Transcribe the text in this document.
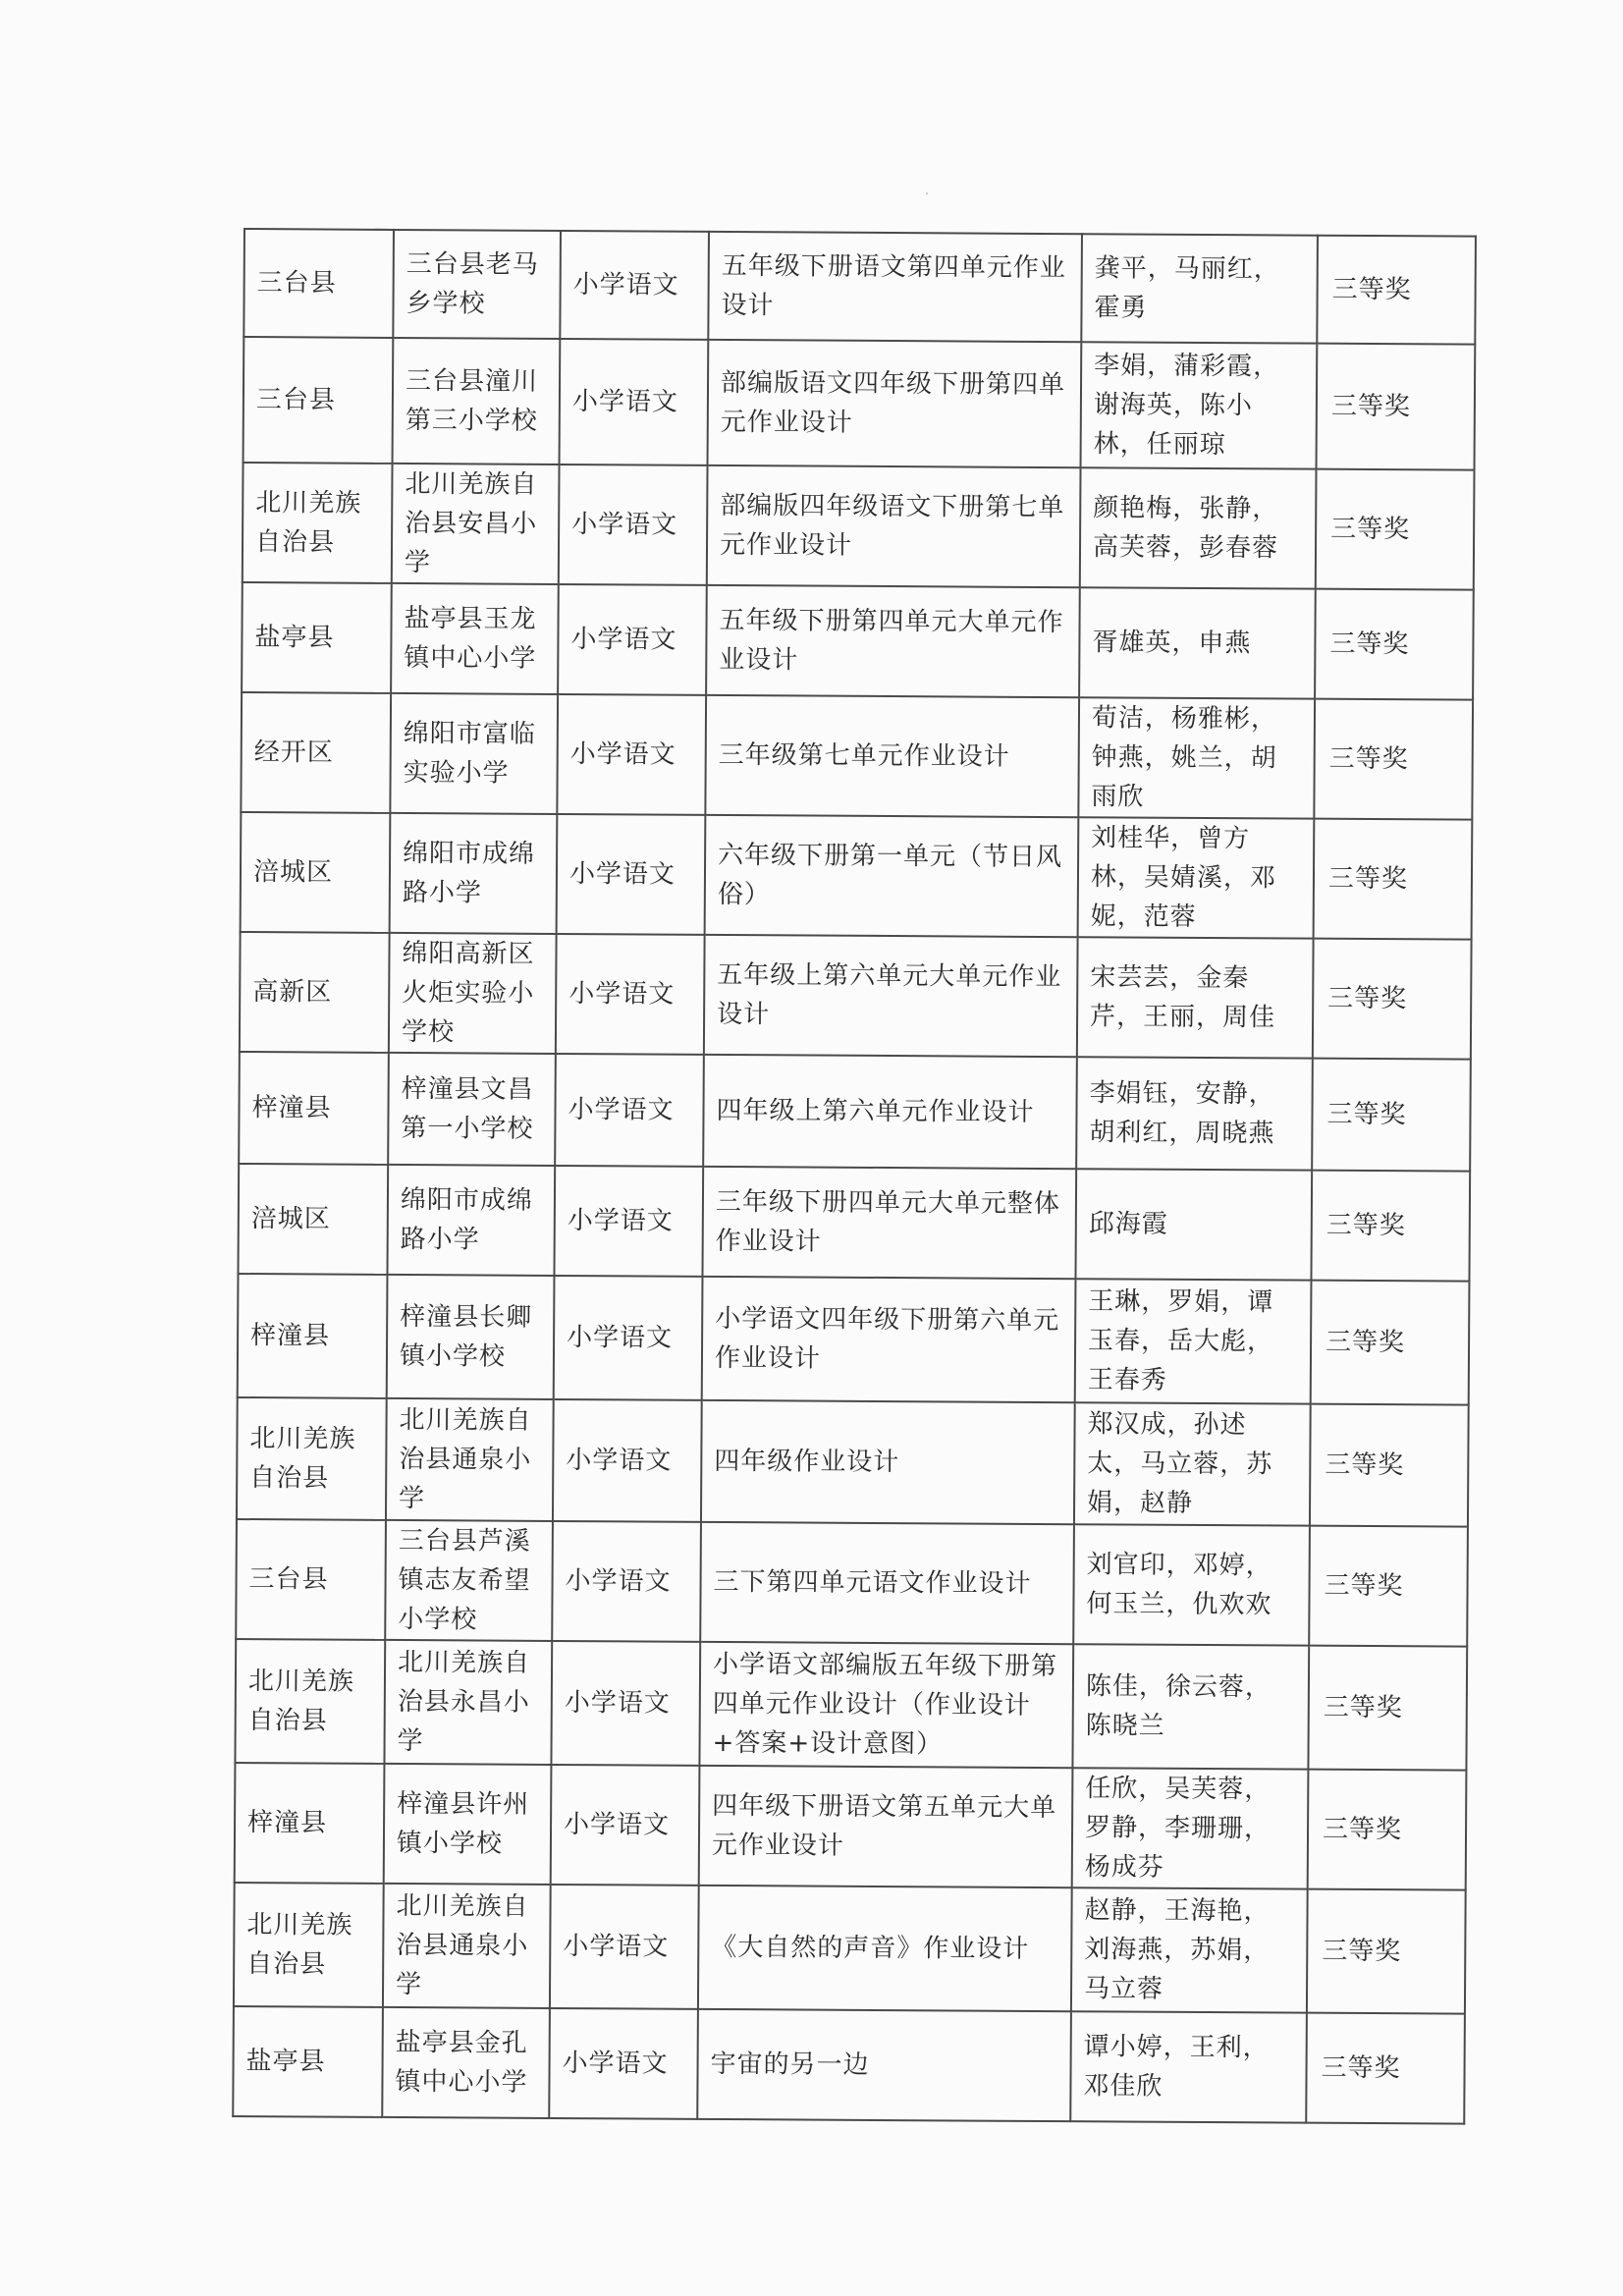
三台县	三台县老马乡学校	小学语文	五年级下册语文第四单元作业设计	龚平，马丽红，霍勇	三等奖
三台县	三台县潼川第三小学校	小学语文	部编版语文四年级下册第四单元作业设计	李娟，蒲彩霞，谢海英，陈小林，任丽琼	三等奖
北川羌族自治县	北川羌族自治县安昌小学	小学语文	部编版四年级语文下册第七单元作业设计	颜艳梅，张静，高芙蓉，彭春蓉	三等奖
盐亭县	盐亭县玉龙镇中心小学	小学语文	五年级下册第四单元大单元作业设计	胥雄英，申燕	三等奖
经开区	绵阳市富临实验小学	小学语文	三年级第七单元作业设计	荀洁，杨雅彬，钟燕，姚兰，胡雨欣	三等奖
涪城区	绵阳市成绵路小学	小学语文	六年级下册第一单元（节日风俗）	刘桂华，曾方林，吴婧溪，邓妮，范蓉	三等奖
高新区	绵阳高新区火炬实验小学校	小学语文	五年级上第六单元大单元作业设计	宋芸芸，金秦芹，王丽，周佳	三等奖
梓潼县	梓潼县文昌第一小学校	小学语文	四年级上第六单元作业设计	李娟钰，安静，胡利红，周晓燕	三等奖
涪城区	绵阳市成绵路小学	小学语文	三年级下册四单元大单元整体作业设计	邱海霞	三等奖
梓潼县	梓潼县长卿镇小学校	小学语文	小学语文四年级下册第六单元作业设计	王琳，罗娟，谭玉春，岳大彪，王春秀	三等奖
北川羌族自治县	北川羌族自治县通泉小学	小学语文	四年级作业设计	郑汉成，孙述太，马立蓉，苏娟，赵静	三等奖
三台县	三台县芦溪镇志友希望小学校	小学语文	三下第四单元语文作业设计	刘官印，邓婷，何玉兰，仇欢欢	三等奖
北川羌族自治县	北川羌族自治县永昌小学	小学语文	小学语文部编版五年级下册第四单元作业设计（作业设计+答案+设计意图）	陈佳，徐云蓉，陈晓兰	三等奖
梓潼县	梓潼县许州镇小学校	小学语文	四年级下册语文第五单元大单元作业设计	任欣，吴芙蓉，罗静，李珊珊，杨成芬	三等奖
北川羌族自治县	北川羌族自治县通泉小学	小学语文	《大自然的声音》作业设计	赵静，王海艳，刘海燕，苏娟，马立蓉	三等奖
盐亭县	盐亭县金孔镇中心小学	小学语文	宇宙的另一边	谭小婷，王利，邓佳欣	三等奖
